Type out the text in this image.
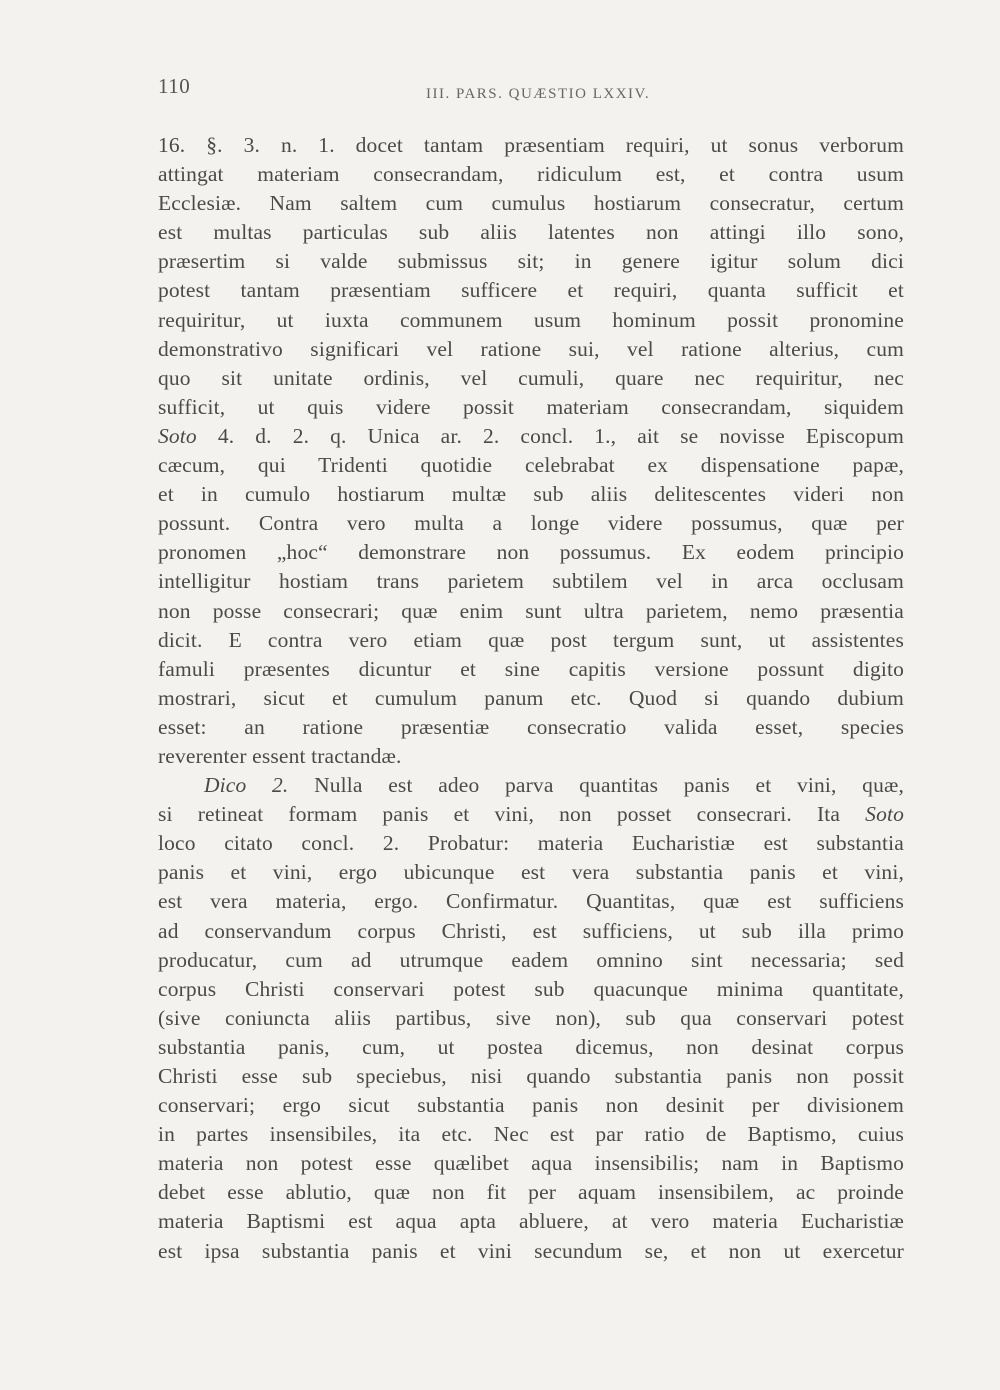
110	III. PARS. QUÆSTIO LXXIV.
16. §. 3. n. 1. docet tantam præsentiam requiri, ut sonus verborum
attingat materiam consecrandam, ridiculum est, et contra usum
Ecclesiæ. Nam saltem cum cumulus hostiarum consecratur, certum
est multas particulas sub aliis latentes non attingi illo sono,
præsertim si valde submissus sit; in genere igitur solum dici
potest tantam præsentiam sufficere et requiri, quanta sufficit et
requiritur, ut iuxta communem usum hominum possit pronomine
demonstrativo significari vel ratione sui, vel ratione alterius, cum
quo sit unitate ordinis, vel cumuli, quare nec requiritur, nec
sufficit, ut quis videre possit materiam consecrandam, siquidem
Soto 4. d. 2. q. Unica ar. 2. concl. 1., ait se novisse Episcopum
cæcum, qui Tridenti quotidie celebrabat ex dispensatione papæ,
et in cumulo hostiarum multæ sub aliis delitescentes videri non
possunt. Contra vero multa a longe videre possumus, quæ per
pronomen „hoc“ demonstrare non possumus. Ex eodem principio
intelligitur hostiam trans parietem subtilem vel in arca occlusam
non posse consecrari; quæ enim sunt ultra parietem, nemo præsentia
dicit. E contra vero etiam quæ post tergum sunt, ut assistentes
famuli præsentes dicuntur et sine capitis versione possunt digito
mostrari, sicut et cumulum panum etc. Quod si quando dubium
esset: an ratione præsentiæ consecratio valida esset, species
reverenter essent tractandæ.
Dico 2. Nulla est adeo parva quantitas panis et vini, quæ,
si retineat formam panis et vini, non posset consecrari. Ita Soto
loco citato concl. 2. Probatur: materia Eucharistiæ est substantia
panis et vini, ergo ubicunque est vera substantia panis et vini,
est vera materia, ergo. Confirmatur. Quantitas, quæ est sufficiens
ad conservandum corpus Christi, est sufficiens, ut sub illa primo
producatur, cum ad utrumque eadem omnino sint necessaria; sed
corpus Christi conservari potest sub quacunque minima quantitate,
(sive coniuncta aliis partibus, sive non), sub qua conservari potest
substantia panis, cum, ut postea dicemus, non desinat corpus
Christi esse sub speciebus, nisi quando substantia panis non possit
conservari; ergo sicut substantia panis non desinit per divisionem
in partes insensibiles, ita etc. Nec est par ratio de Baptismo, cuius
materia non potest esse quælibet aqua insensibilis; nam in Baptismo
debet esse ablutio, quæ non fit per aquam insensibilem, ac proinde
materia Baptismi est aqua apta abluere, at vero materia Eucharistiæ
est ipsa substantia panis et vini secundum se, et non ut exercetur
